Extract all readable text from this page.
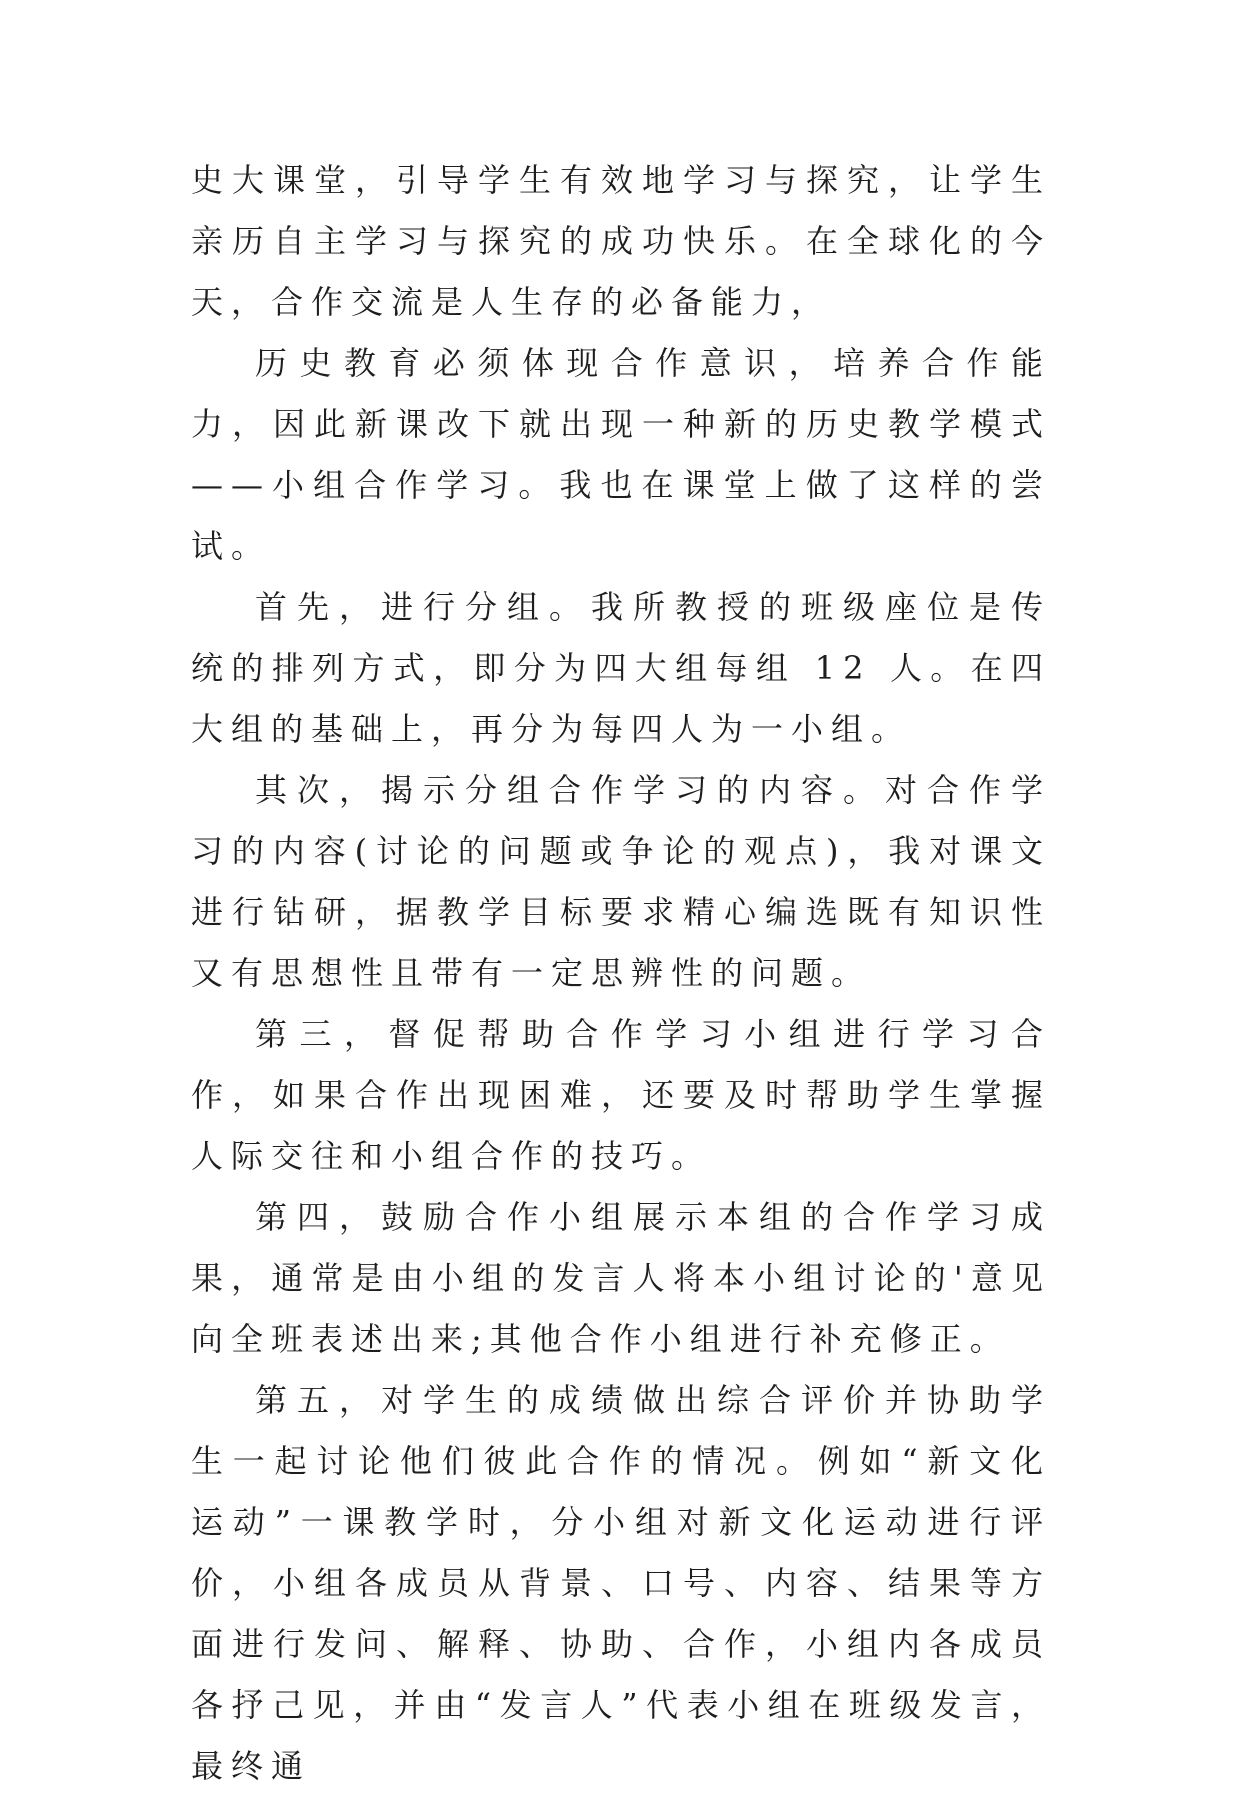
史大课堂，引导学生有效地学习与探究，让学生亲历自主学习与探究的成功快乐。在全球化的今天，合作交流是人生存的必备能力，

历史教育必须体现合作意识，培养合作能力，因此新课改下就出现一种新的历史教学模式——小组合作学习。我也在课堂上做了这样的尝试。

首先，进行分组。我所教授的班级座位是传统的排列方式，即分为四大组每组 12 人。在四大组的基础上，再分为每四人为一小组。

其次，揭示分组合作学习的内容。对合作学习的内容(讨论的问题或争论的观点)，我对课文进行钻研，据教学目标要求精心编选既有知识性又有思想性且带有一定思辨性的问题。

第三，督促帮助合作学习小组进行学习合作，如果合作出现困难，还要及时帮助学生掌握人际交往和小组合作的技巧。

第四，鼓励合作小组展示本组的合作学习成果，通常是由小组的发言人将本小组讨论的'意见向全班表述出来;其他合作小组进行补充修正。

第五，对学生的成绩做出综合评价并协助学生一起讨论他们彼此合作的情况。例如“新文化运动”一课教学时，分小组对新文化运动进行评价，小组各成员从背景、口号、内容、结果等方面进行发问、解释、协助、合作，小组内各成员各抒己见，并由“发言人”代表小组在班级发言，最终通
